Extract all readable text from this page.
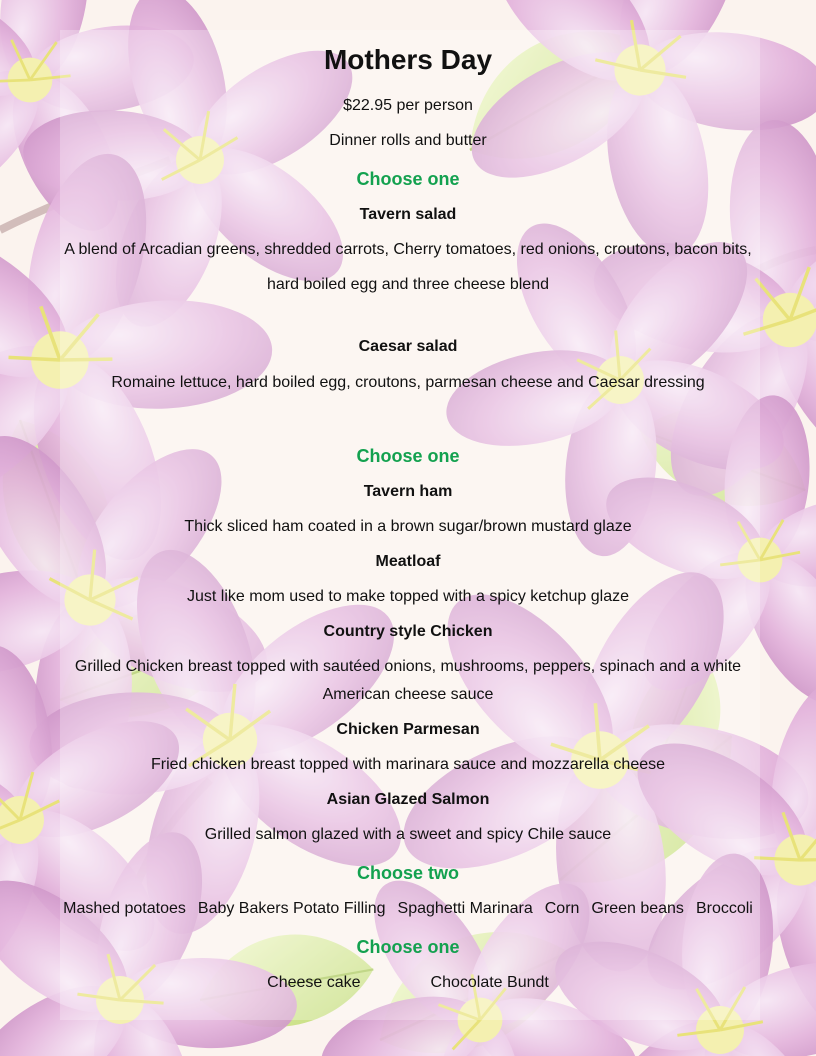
Mothers Day
$22.95 per person
Dinner rolls and butter
Choose one
Tavern salad
A blend of Arcadian greens, shredded carrots, Cherry tomatoes, red onions, croutons, bacon bits,
hard boiled egg and three cheese blend
Caesar salad
Romaine lettuce, hard boiled egg, croutons, parmesan cheese and Caesar dressing
Choose one
Tavern ham
Thick sliced ham coated in a brown sugar/brown mustard glaze
Meatloaf
Just like mom used to make topped with a spicy ketchup glaze
Country style Chicken
Grilled Chicken breast topped with sautéed onions, mushrooms, peppers, spinach and a white
American cheese sauce
Chicken Parmesan
Fried chicken breast topped with marinara sauce and mozzarella cheese
Asian Glazed Salmon
Grilled salmon glazed with a sweet and spicy Chile sauce
Choose two
Mashed potatoes Baby Bakers Potato Filling Spaghetti Marinara Corn Green beans Broccoli
Choose one
Cheese cake	Chocolate Bundt
